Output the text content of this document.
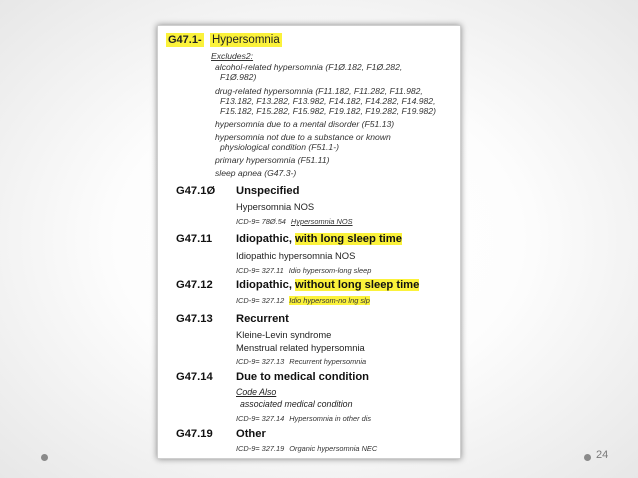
24
G47.1- Hypersomnia
Excludes2:
alcohol-related hypersomnia (F1Ø.182, F1Ø.282,
F1Ø.982)
drug-related hypersomnia (F11.182, F11.282, F11.982,
F13.182, F13.282, F13.982, F14.182, F14.282, F14.982,
F15.182, F15.282, F15.982, F19.182, F19.282, F19.982)
hypersomnia due to a mental disorder (F51.13)
hypersomnia not due to a substance or known
physiological condition (F51.1-)
primary hypersomnia (F51.11)
sleep apnea (G47.3-)
G47.1Ø Unspecified
Hypersomnia NOS
ICD-9= 78Ø.54 Hypersomnia NOS
G47.11 Idiopathic, with long sleep time
Idiopathic hypersomnia NOS
ICD-9= 327.11 Idio hypersom-long sleep
G47.12 Idiopathic, without long sleep time
ICD-9= 327.12 Idio hypersom-no lng slp
G47.13 Recurrent
Kleine-Levin syndrome
Menstrual related hypersomnia
ICD-9= 327.13 Recurrent hypersomnia
G47.14 Due to medical condition
Code Also
associated medical condition
ICD-9= 327.14 Hypersomnia in other dis
G47.19 Other
ICD-9= 327.19 Organic hypersomnia NEC
